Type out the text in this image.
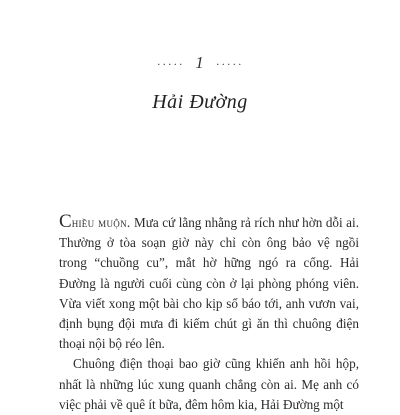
····· 1 ·····
Hải Đường

Chiều muộn. Mưa cứ lằng nhằng rả rích như hờn dỗi ai. Thường ở tòa soạn giờ này chỉ còn ông bảo vệ ngồi trong “chuồng cu”, mắt hờ hững ngó ra cổng. Hải Đường là người cuối cùng còn ở lại phòng phóng viên. Vừa viết xong một bài cho kịp số báo tới, anh vươn vai, định bụng đội mưa đi kiếm chút gì ăn thì chuông điện thoại nội bộ réo lên.

Chuông điện thoại bao giờ cũng khiến anh hồi hộp, nhất là những lúc xung quanh chẳng còn ai. Mẹ anh có việc phải về quê ít bữa, đêm hôm kia, Hải Đường một
